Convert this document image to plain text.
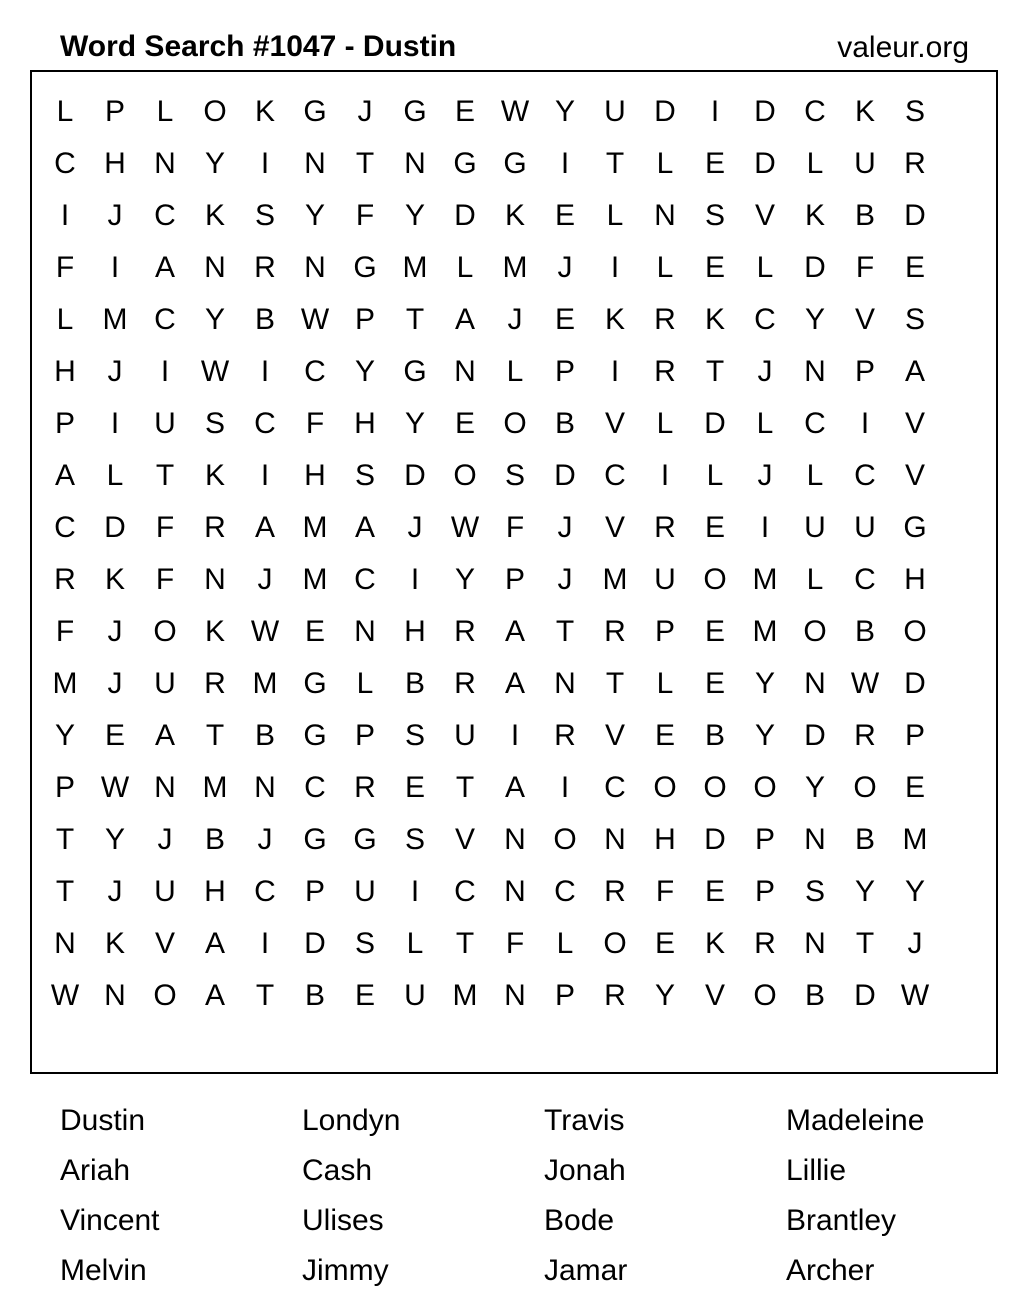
Word Search #1047 - Dustin	valeur.org
L	P	L O K G	J	G E W Y U D	I	D C K S
C H N Y	I	N	T	N G G	I	T	L	E D	L	U R
I	J	C K S Y	F	Y D K E	L	N S V K B D
F	I	A N R N G M L M	J	I	L	E	L	D	F	E
L M C Y B W P	T	A	J	E K R K C Y V S
H	J	I	W	I	C Y G N	L	P	I	R	T	J	N P A
P	I	U S C	F	H Y E O B V	L	D	L	C	I	V
A	L	T	K	I	H S D O S D C	I	L	J	L	C V
C D	F	R A M A	J W F	J	V R E	I	U U G
R K	F	N	J	M C	I	Y P	J	M U O M L	C H
F	J	O K W E N H R A	T	R P E M O B O
M	J	U R M G L	B R A N	T	L	E Y N W D
Y E A	T	B G P S U	I	R V E B Y D R P
P W N M N C R E	T	A	I	C O O O Y O E
T	Y	J	B	J	G G S V N O N H D P N B M
T	J	U H C P U	I	C N C R	F	E P S Y Y
N K V A	I	D S	L	T	F	L O E K R N	T	J
W N O A	T	B E U M N P R Y V O B D W
Dustin	Londyn	Travis	Madeleine
Ariah	Cash	Jonah	Lillie
Vincent	Ulises	Bode	Brantley
Melvin	Jimmy	Jamar	Archer
